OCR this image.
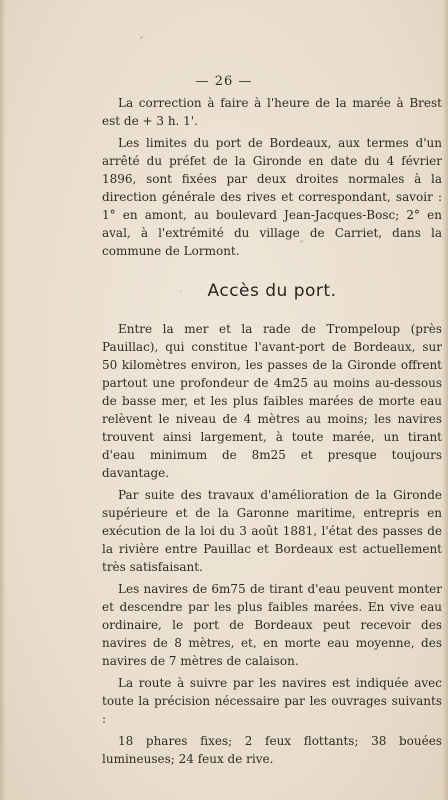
— 26 —

La correction à faire à l'heure de la marée à Brest est de + 3 h. 1'.

Les limites du port de Bordeaux, aux termes d'un arrêté du préfet de la Gironde en date du 4 février 1896, sont fixées par deux droites normales à la direction générale des rives et correspondant, savoir : 1° en amont, au boulevard Jean-Jacques-Bosc; 2° en aval, à l'extrémité du village de Carriet, dans la commune de Lormont.

Accès du port.

Entre la mer et la rade de Trompeloup (près Pauillac), qui constitue l'avant-port de Bordeaux, sur 50 kilomètres environ, les passes de la Gironde offrent partout une profondeur de 4m25 au moins au-dessous de basse mer, et les plus faibles marées de morte eau relèvent le niveau de 4 mètres au moins; les navires trouvent ainsi largement, à toute marée, un tirant d'eau minimum de 8m25 et presque toujours davantage.

Par suite des travaux d'amélioration de la Gironde supérieure et de la Garonne maritime, entrepris en exécution de la loi du 3 août 1881, l'état des passes de la rivière entre Pauillac et Bordeaux est actuellement très satisfaisant.

Les navires de 6m75 de tirant d'eau peuvent monter et descendre par les plus faibles marées. En vive eau ordinaire, le port de Bordeaux peut recevoir des navires de 8 mètres, et, en morte eau moyenne, des navires de 7 mètres de calaison.

La route à suivre par les navires est indiquée avec toute la précision nécessaire par les ouvrages suivants :

18 phares fixes; 2 feux flottants; 38 bouées lumineuses; 24 feux de rive.
